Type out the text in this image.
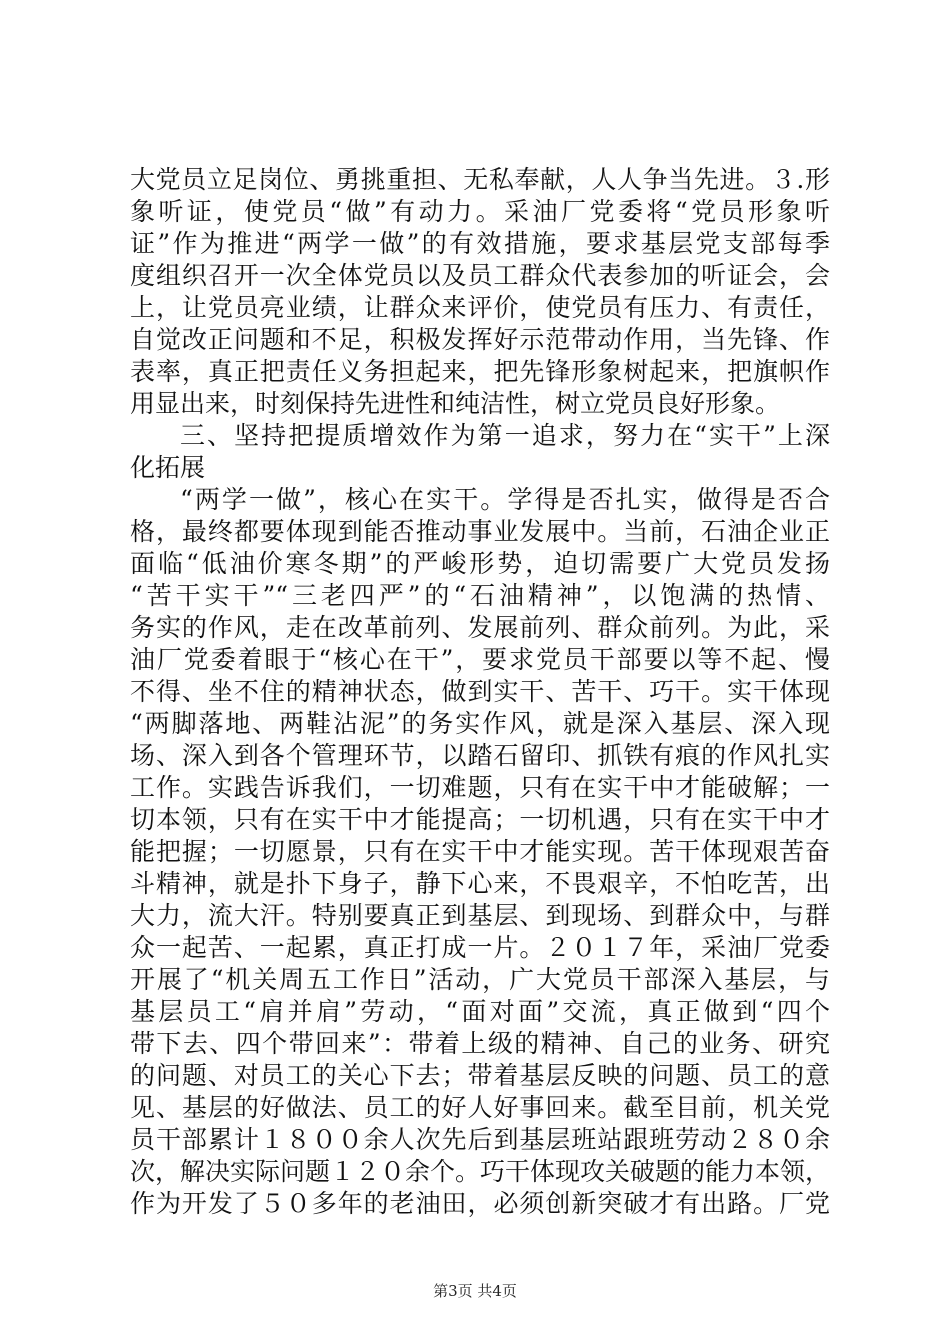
大党员立足岗位、勇挑重担、无私奉献，人人争当先进。３.形
象听证，使党员“做”有动力。采油厂党委将“党员形象听
证”作为推进“两学一做”的有效措施，要求基层党支部每季
度组织召开一次全体党员以及员工群众代表参加的听证会，会
上，让党员亮业绩，让群众来评价，使党员有压力、有责任，
自觉改正问题和不足，积极发挥好示范带动作用，当先锋、作
表率，真正把责任义务担起来，把先锋形象树起来，把旗帜作
用显出来，时刻保持先进性和纯洁性，树立党员良好形象。
三、坚持把提质增效作为第一追求，努力在“实干”上深
化拓展
“两学一做”，核心在实干。学得是否扎实，做得是否合
格，最终都要体现到能否推动事业发展中。当前，石油企业正
面临“低油价寒冬期”的严峻形势，迫切需要广大党员发扬
“苦干实干”“三老四严”的“石油精神”，以饱满的热情、
务实的作风，走在改革前列、发展前列、群众前列。为此，采
油厂党委着眼于“核心在干”，要求党员干部要以等不起、慢
不得、坐不住的精神状态，做到实干、苦干、巧干。实干体现
“两脚落地、两鞋沾泥”的务实作风，就是深入基层、深入现
场、深入到各个管理环节，以踏石留印、抓铁有痕的作风扎实
工作。实践告诉我们，一切难题，只有在实干中才能破解；一
切本领，只有在实干中才能提高；一切机遇，只有在实干中才
能把握；一切愿景，只有在实干中才能实现。苦干体现艰苦奋
斗精神，就是扑下身子，静下心来，不畏艰辛，不怕吃苦，出
大力，流大汗。特别要真正到基层、到现场、到群众中，与群
众一起苦、一起累，真正打成一片。２０１７年，采油厂党委
开展了“机关周五工作日”活动，广大党员干部深入基层，与
基层员工“肩并肩”劳动，“面对面”交流，真正做到“四个
带下去、四个带回来”：带着上级的精神、自己的业务、研究
的问题、对员工的关心下去；带着基层反映的问题、员工的意
见、基层的好做法、员工的好人好事回来。截至目前，机关党
员干部累计１８００余人次先后到基层班站跟班劳动２８０余
次，解决实际问题１２０余个。巧干体现攻关破题的能力本领，
作为开发了５０多年的老油田，必须创新突破才有出路。厂党
第3页 共4页
